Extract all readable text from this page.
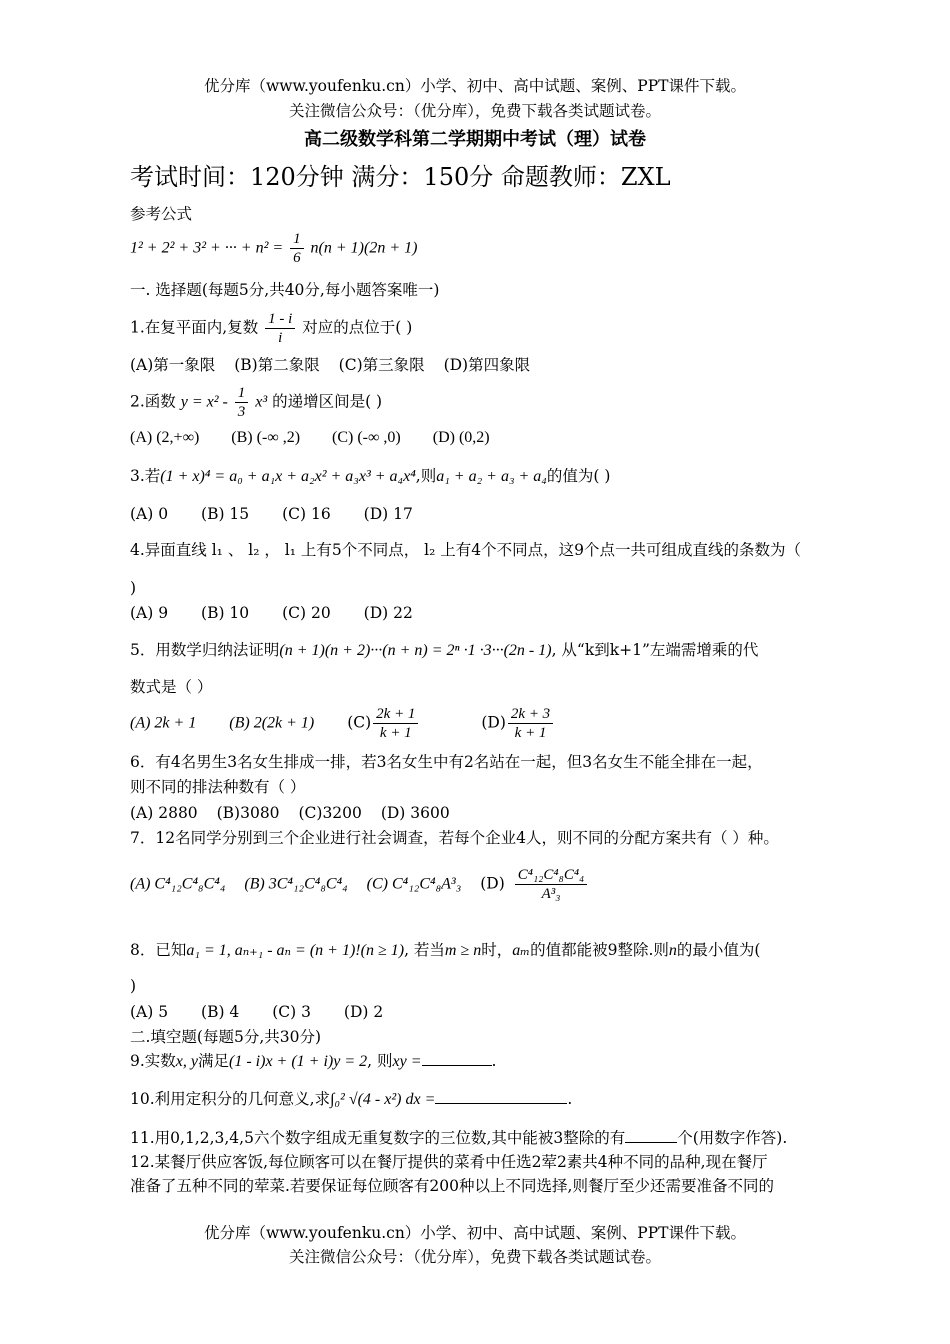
优分库（www.youfenku.cn）小学、初中、高中试题、案例、PPT课件下载。
关注微信公众号：（优分库），免费下载各类试题试卷。
高二级数学科第二学期期中考试（理）试卷
考试时间：120分钟 满分：150分 命题教师：ZXL
参考公式
1² + 2² + 3² + ··· + $n^2 = \frac{1}{6} n(n + 1)(2n + 1)$
一. 选择题(每题5分,共40分,每小题答案唯一)
1.在复平面内,复数 $\frac{1 - i}{i}$ 对应的点位于( )
(A)第一象限 (B)第二象限 (C)第三象限 (D)第四象限
2.函数 $y = x^2 - \frac{1}{3} x^3$ 的递增区间是( )
(A) (2,+∞) (B) (-∞ ,2) (C) (-∞ ,0) (D) (0,2)
3.若(1 + x)⁴ = a₀ + a₁x + a₂x² + a₃x³ + a₄x⁴,则a₁ + a₂ + a₃ + a₄的值为( )
(A) 0 (B) 15 (C) 16 (D) 17
4.异面直线 l₁ 、 l₂ ， l₁ 上有5个不同点， l₂ 上有4个不同点，这9个点一共可组成直线的条数为（
)
(A) 9 (B) 10 (C) 20 (D) 22
5．用数学归纳法证明(n + 1)(n + 2)···(n + n) = 2ⁿ ·1 ·3···(2n - 1), 从“k到k+1”左端需增乘的代
数式是（ ）
(A) 2k + 1 (B) 2(2k + 1) $(C) \frac{2k + 1}{k + 1}$	$(D) \frac{2k + 3}{k + 1}$
6．有4名男生3名女生排成一排，若3名女生中有2名站在一起，但3名女生不能全排在一起，
则不同的排法种数有（ ）
(A) 2880 (B)3080 (C)3200 (D) 3600
7．12名同学分别到三个企业进行社会调查，若每个企业4人，则不同的分配方案共有（ ）种。
(A) C⁴₁₂C⁴₈C⁴₄ (B) 3C⁴₁₂C⁴₈C⁴₄ (C) C⁴₁₂C⁴₈A³₃ $(D) \frac{\text{C⁴₁₂C⁴₈C⁴₄}}{\text{A³₃}}$
8．已知a₁ = 1, aₙ₊₁ - aₙ = (n + 1)!(n ≥ 1), 若当m ≥ n时，aₘ的值都能被9整除.则n的最小值为(
)
(A) 5 (B) 4 (C) 3 (D) 2
二.填空题(每题5分,共30分)
9.实数x, y满足(1 - i)x + (1 + i)y = 2, 则xy =	.
10.利用定积分的几何意义,求∫₀² √(4 - x²) dx =	.
11.用0,1,2,3,4,5六个数字组成无重复数字的三位数,其中能被3整除的有	个(用数字作答).
12.某餐厅供应客饭,每位顾客可以在餐厅提供的菜肴中任选2荤2素共4种不同的品种,现在餐厅
准备了五种不同的荤菜.若要保证每位顾客有200种以上不同选择,则餐厅至少还需要准备不同的
优分库（www.youfenku.cn）小学、初中、高中试题、案例、PPT课件下载。
关注微信公众号：（优分库），免费下载各类试题试卷。
